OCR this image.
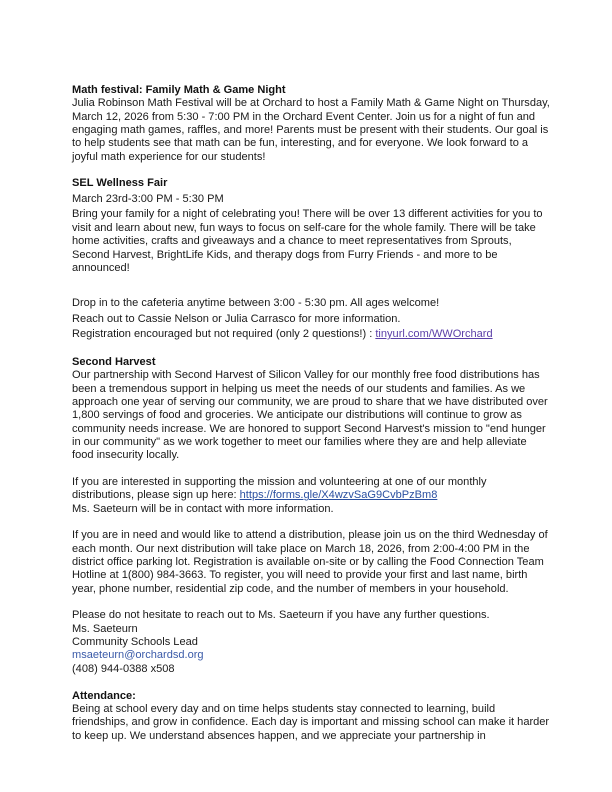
Math festival: Family Math & Game Night
Julia Robinson Math Festival will be at Orchard to host a Family Math & Game Night on Thursday, March 12, 2026 from 5:30 - 7:00 PM in the Orchard Event Center. Join us for a night of fun and engaging math games, raffles, and more! Parents must be present with their students. Our goal is to help students see that math can be fun, interesting, and for everyone. We look forward to a joyful math experience for our students!
SEL Wellness Fair
March 23rd-3:00 PM - 5:30 PM
Bring your family for a night of celebrating you! There will be over 13 different activities for you to visit and learn about new, fun ways to focus on self-care for the whole family. There will be take home activities, crafts and giveaways and a chance to meet representatives from Sprouts, Second Harvest, BrightLife Kids, and therapy dogs from Furry Friends - and more to be announced!
Drop in to the cafeteria anytime between 3:00 - 5:30 pm. All ages welcome!
Reach out to Cassie Nelson or Julia Carrasco for more information.
Registration encouraged but not required (only 2 questions!) : tinyurl.com/WWOrchard
Second Harvest
Our partnership with Second Harvest of Silicon Valley for our monthly free food distributions has been a tremendous support in helping us meet the needs of our students and families. As we approach one year of serving our community, we are proud to share that we have distributed over 1,800 servings of food and groceries. We anticipate our distributions will continue to grow as community needs increase. We are honored to support Second Harvest's mission to "end hunger in our community" as we work together to meet our families where they are and help alleviate food insecurity locally.
If you are interested in supporting the mission and volunteering at one of our monthly distributions, please sign up here: https://forms.gle/X4wzvSaG9CvbPzBm8
Ms. Saeteurn will be in contact with more information.
If you are in need and would like to attend a distribution, please join us on the third Wednesday of each month. Our next distribution will take place on March 18, 2026, from 2:00-4:00 PM in the district office parking lot. Registration is available on-site or by calling the Food Connection Team Hotline at 1(800) 984-3663. To register, you will need to provide your first and last name, birth year, phone number, residential zip code, and the number of members in your household.
Please do not hesitate to reach out to Ms. Saeteurn if you have any further questions.
Ms. Saeteurn
Community Schools Lead
msaeteurn@orchardsd.org
(408) 944-0388 x508
Attendance:
Being at school every day and on time helps students stay connected to learning, build friendships, and grow in confidence. Each day is important and missing school can make it harder to keep up. We understand absences happen, and we appreciate your partnership in
